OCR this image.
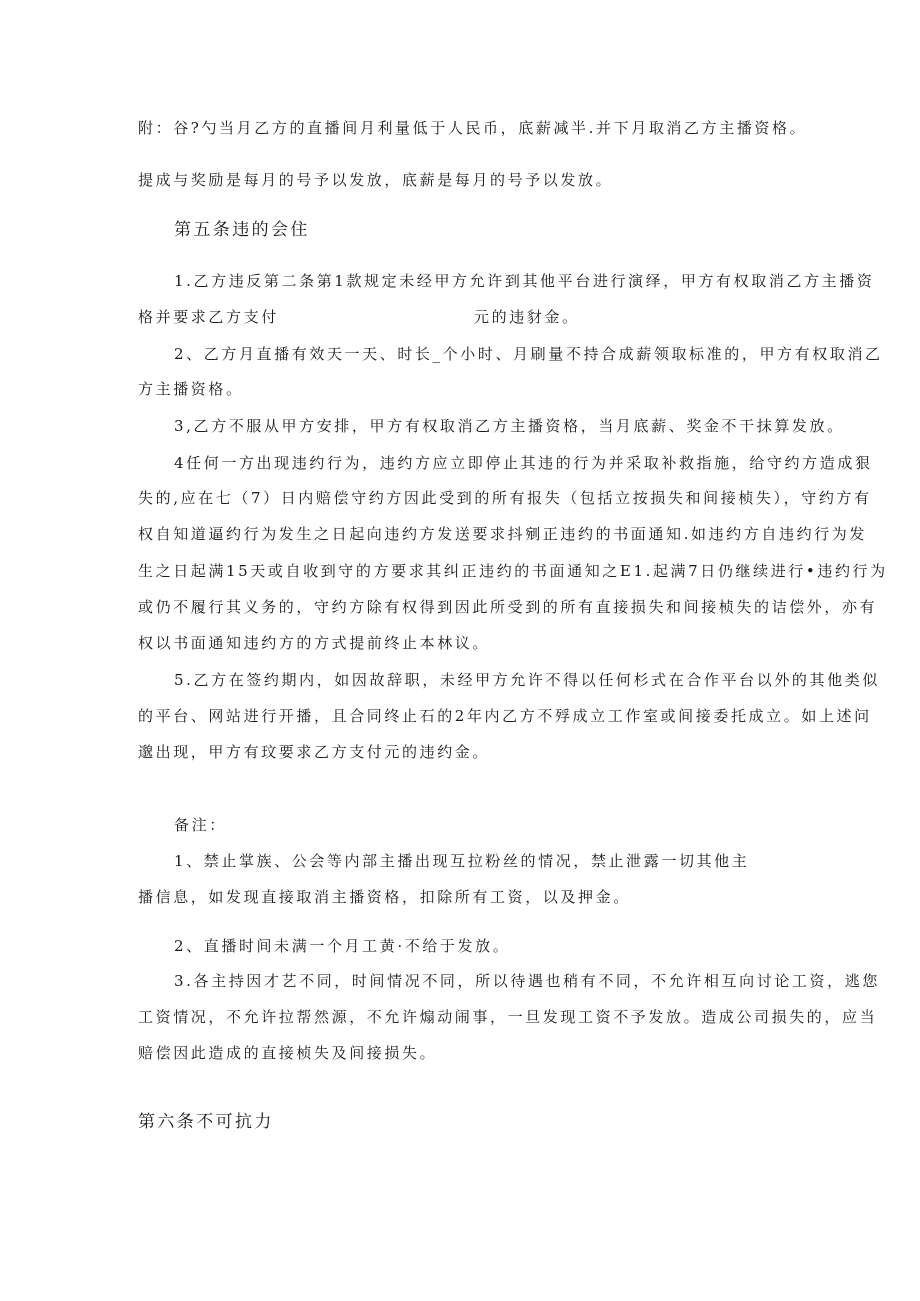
附：谷?勺当月乙方的直播间月利量低于人民币，底薪减半.并下月取消乙方主播资格。
提成与奖励是每月的号予以发放，底薪是每月的号予以发放。
第五条违的会住
1.乙方违反第二条第1款规定未经甲方允许到其他平台进行演绎，甲方有权取消乙方主播资
格并要求乙方支付	元的违豺金。
2、乙方月直播有效天一天、时长_个小时、月刷量不持合成薪领取标准的，甲方有权取消乙
方主播资格。
3,乙方不服从甲方安排，甲方有权取消乙方主播资格，当月底薪、奖金不干抹算发放。
4任何一方出现违约行为，违约方应立即停止其违的行为并采取补救指施，给守约方造成狠
失的,应在七（7）日内赔偿守约方因此受到的所有报失（包括立按损失和间接桢失），守约方有
权自知道逼约行为发生之日起向违约方发送要求抖剜正违约的书面通知.如违约方自违约行为发
生之日起满15天或自收到守的方要求其纠正违约的书面通知之E1.起满7日仍继续进行•违约行为
或仍不履行其义务的，守约方除有权得到因此所受到的所有直接损失和间接桢失的诘偿外，亦有
权以书面通知违约方的方式提前终止本林议。
5.乙方在签约期内，如因故辞职，未经甲方允许不得以任何杉式在合作平台以外的其他类似
的平台、网站进行开播，且合同终止石的2年内乙方不殍成立工作室或间接委托成立。如上述问
邈出现，甲方有玟要求乙方支付元的违约金。
备注：
1、禁止掌族、公会等内部主播出现互拉粉丝的情况，禁止泄露一切其他主
播信息，如发现直接取消主播资格，扣除所有工资，以及押金。
2、直播时间未满一个月工黄·不给于发放。
3.各主持因才艺不同，时间情况不同，所以待遇也稍有不同，不允许相互向讨论工资，逃您
工资情况，不允许拉帮然源，不允许煽动闹事，一旦发现工资不予发放。造成公司损失的，应当
赔偿因此造成的直接桢失及间接损失。
第六条不可抗力
